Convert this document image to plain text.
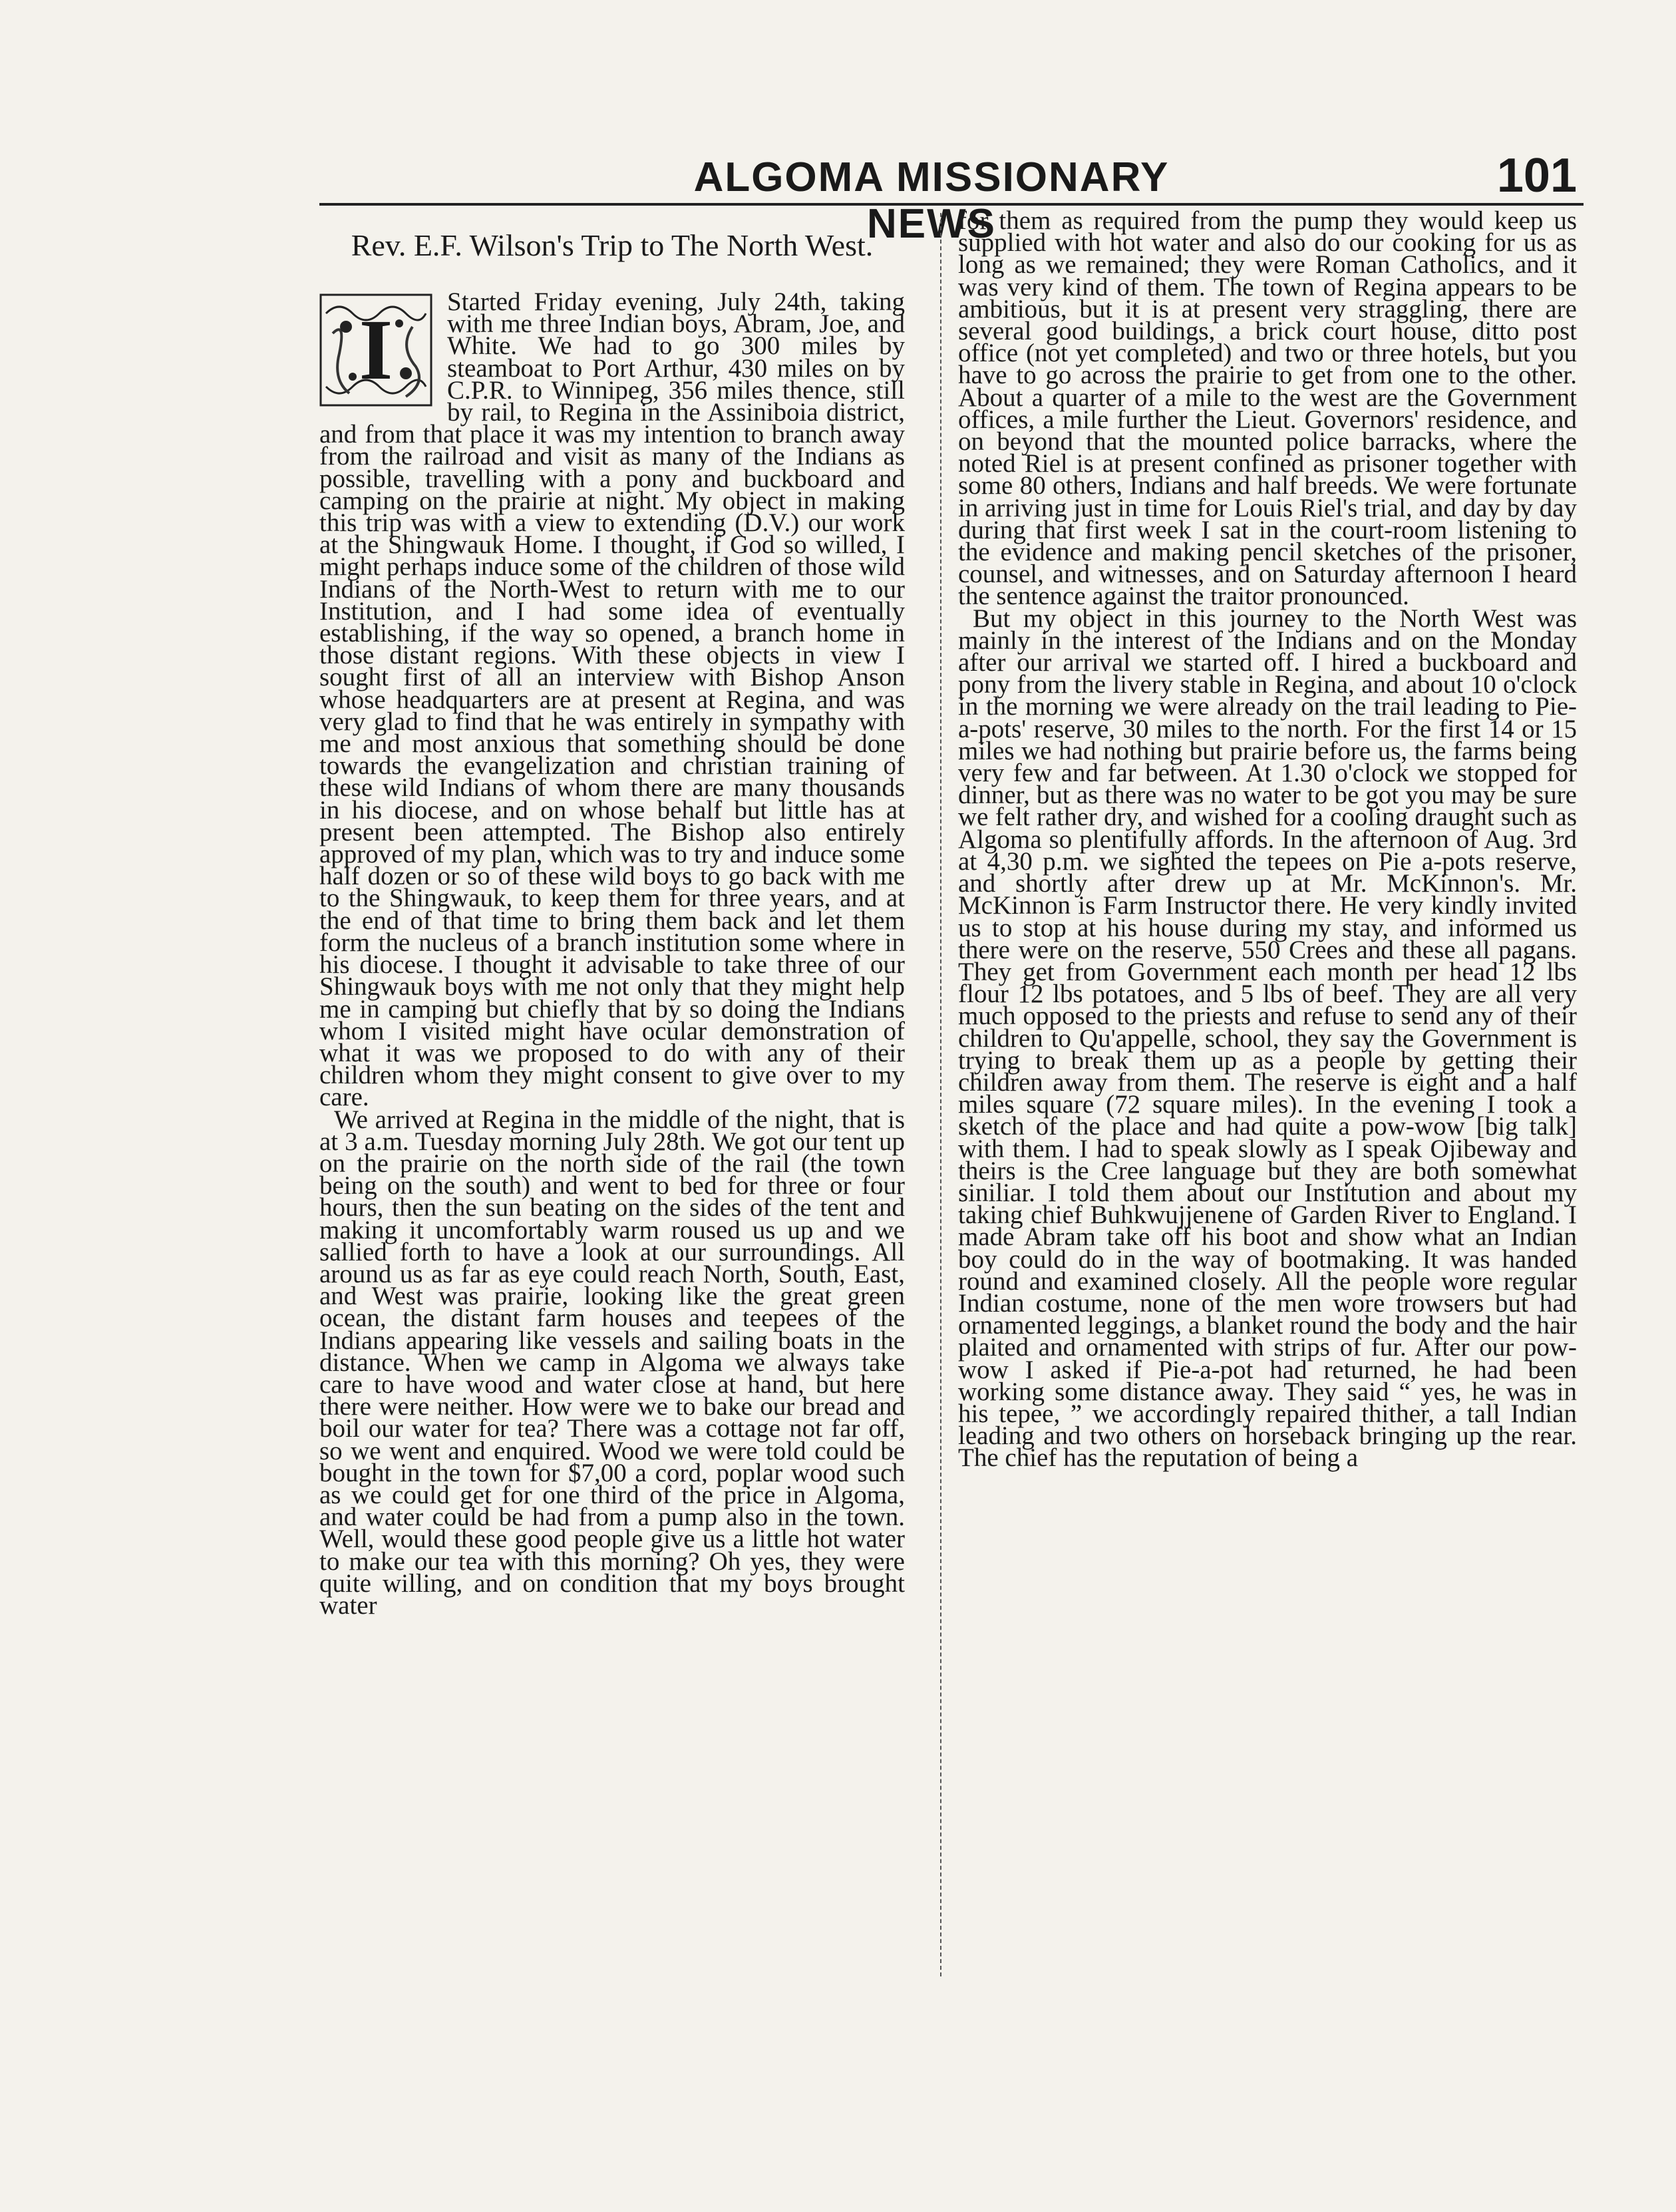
ALGOMA MISSIONARY NEWS
101
Rev. E.F. Wilson's Trip to The North West.
I

Started Friday evening, July 24th, taking with me three Indian boys, Abram, Joe, and White. We had to go 300 miles by steamboat to Port Arthur, 430 miles on by C.P.R. to Winnipeg, 356 miles thence, still by rail, to Regina in the Assiniboia district, and from that place it was my intention to branch away from the railroad and visit as many of the Indians as possible, travelling with a pony and buckboard and camping on the prairie at night. My object in making this trip was with a view to extending (D.V.) our work at the Shingwauk Home. I thought, if God so willed, I might perhaps induce some of the children of those wild Indians of the North-West to return with me to our Institution, and I had some idea of eventually establishing, if the way so opened, a branch home in those distant regions. With these objects in view I sought first of all an interview with Bishop Anson whose headquarters are at present at Regina, and was very glad to find that he was entirely in sympathy with me and most anxious that something should be done towards the evangelization and christian training of these wild Indians of whom there are many thousands in his diocese, and on whose behalf but little has at present been attempted. The Bishop also entirely approved of my plan, which was to try and induce some half dozen or so of these wild boys to go back with me to the Shingwauk, to keep them for three years, and at the end of that time to bring them back and let them form the nucleus of a branch institution some where in his diocese. I thought it advisable to take three of our Shingwauk boys with me not only that they might help me in camping but chiefly that by so doing the Indians whom I visited might have ocular demonstration of what it was we proposed to do with any of their children whom they might consent to give over to my care.

We arrived at Regina in the middle of the night, that is at 3 a.m. Tuesday morning July 28th. We got our tent up on the prairie on the north side of the rail (the town being on the south) and went to bed for three or four hours, then the sun beating on the sides of the tent and making it uncomfortably warm roused us up and we sallied forth to have a look at our surroundings. All around us as far as eye could reach North, South, East, and West was prairie, looking like the great green ocean, the distant farm houses and teepees of the Indians appearing like vessels and sailing boats in the distance. When we camp in Algoma we always take care to have wood and water close at hand, but here there were neither. How were we to bake our bread and boil our water for tea? There was a cottage not far off, so we went and enquired. Wood we were told could be bought in the town for $7,00 a cord, poplar wood such as we could get for one third of the price in Algoma, and water could be had from a pump also in the town. Well, would these good people give us a little hot water to make our tea with this morning? Oh yes, they were quite willing, and on condition that my boys brought water

for them as required from the pump they would keep us supplied with hot water and also do our cooking for us as long as we remained; they were Roman Catholics, and it was very kind of them. The town of Regina appears to be ambitious, but it is at present very straggling, there are several good buildings, a brick court house, ditto post office (not yet completed) and two or three hotels, but you have to go across the prairie to get from one to the other. About a quarter of a mile to the west are the Government offices, a mile further the Lieut. Governors' residence, and on beyond that the mounted police barracks, where the noted Riel is at present confined as prisoner together with some 80 others, Indians and half breeds. We were fortunate in arriving just in time for Louis Riel's trial, and day by day during that first week I sat in the court-room listening to the evidence and making pencil sketches of the prisoner, counsel, and witnesses, and on Saturday afternoon I heard the sentence against the traitor pronounced.

But my object in this journey to the North West was mainly in the interest of the Indians and on the Monday after our arrival we started off. I hired a buckboard and pony from the livery stable in Regina, and about 10 o'clock in the morning we were already on the trail leading to Pie-a-pots' reserve, 30 miles to the north. For the first 14 or 15 miles we had nothing but prairie before us, the farms being very few and far between. At 1.30 o'clock we stopped for dinner, but as there was no water to be got you may be sure we felt rather dry, and wished for a cooling draught such as Algoma so plentifully affords. In the afternoon of Aug. 3rd at 4,30 p.m. we sighted the tepees on Pie a-pots reserve, and shortly after drew up at Mr. McKinnon's. Mr. McKinnon is Farm Instructor there. He very kindly invited us to stop at his house during my stay, and informed us there were on the reserve, 550 Crees and these all pagans. They get from Government each month per head 12 lbs flour 12 lbs potatoes, and 5 lbs of beef. They are all very much opposed to the priests and refuse to send any of their children to Qu'appelle, school, they say the Government is trying to break them up as a people by getting their children away from them. The reserve is eight and a half miles square (72 square miles). In the evening I took a sketch of the place and had quite a pow-wow [big talk] with them. I had to speak slowly as I speak Ojibeway and theirs is the Cree language but they are both somewhat siniliar. I told them about our Institution and about my taking chief Buhkwujjenene of Garden River to England. I made Abram take off his boot and show what an Indian boy could do in the way of bootmaking. It was handed round and examined closely. All the people wore regular Indian costume, none of the men wore trowsers but had ornamented leggings, a blanket round the body and the hair plaited and ornamented with strips of fur. After our pow-wow I asked if Pie-a-pot had returned, he had been working some distance away. They said “ yes, he was in his tepee, ” we accordingly repaired thither, a tall Indian leading and two others on horseback bringing up the rear. The chief has the reputation of being a
